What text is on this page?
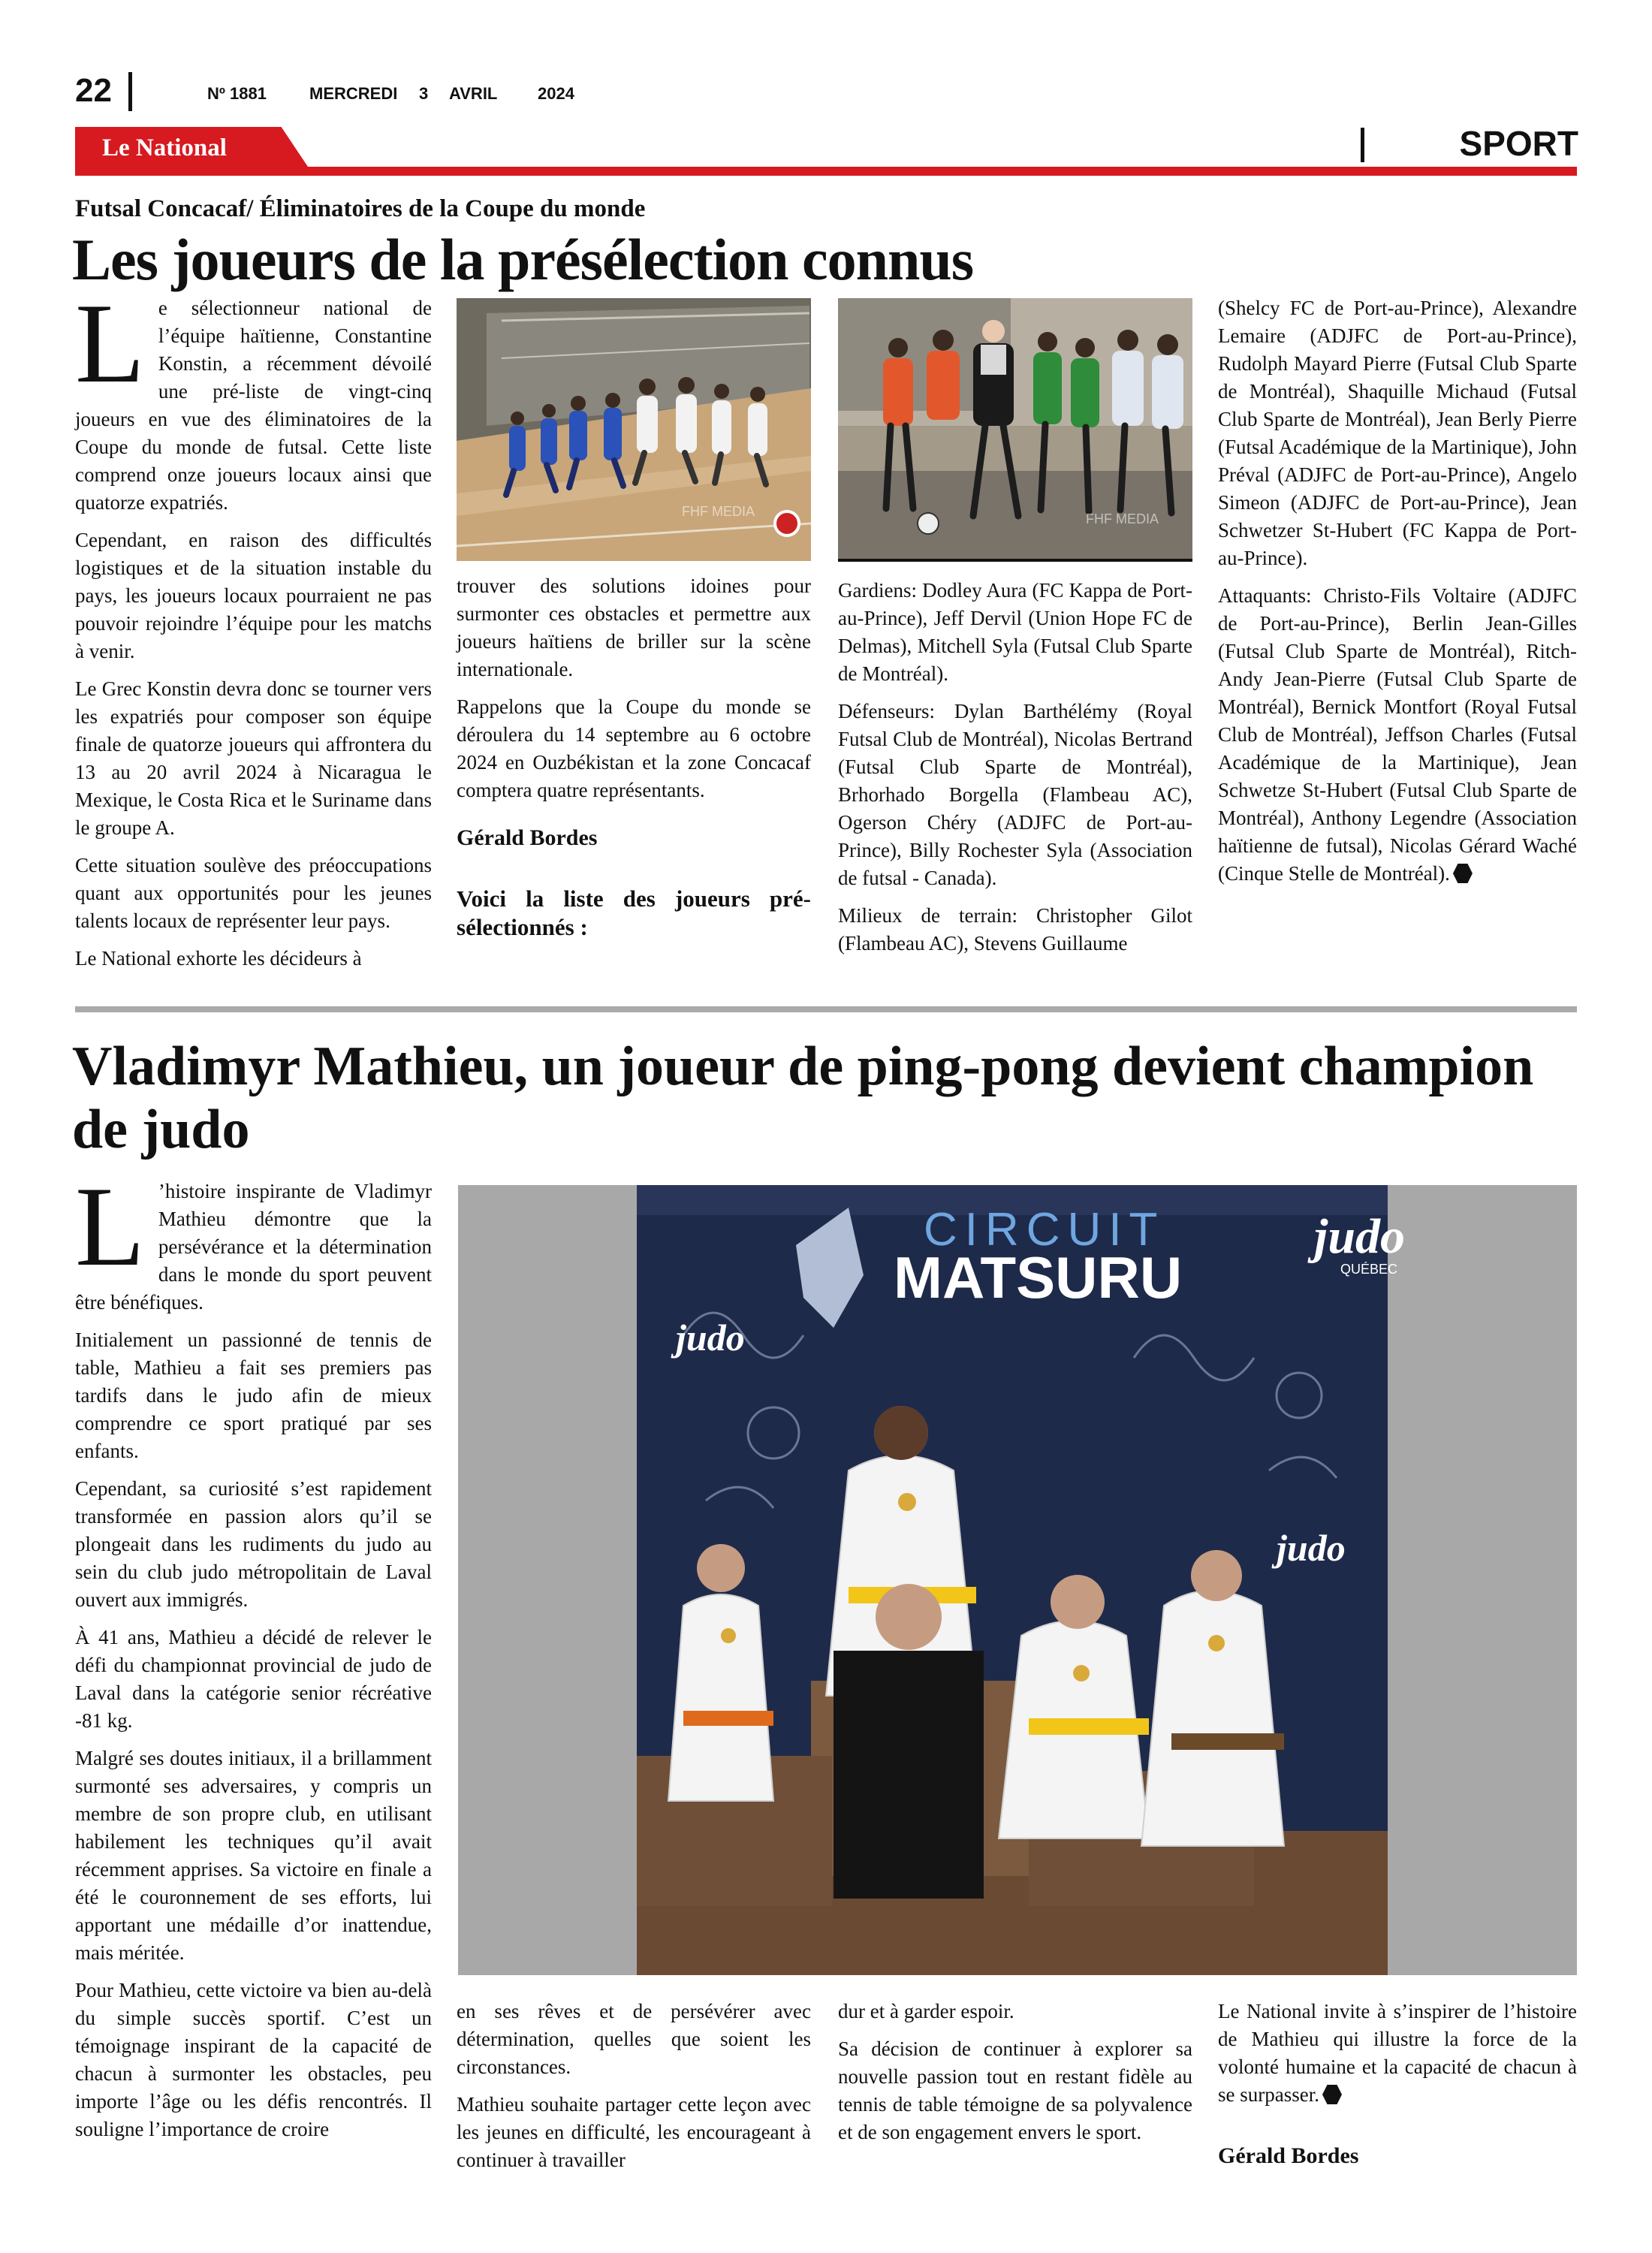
22	Nº 1881	MERCREDI 3 AVRIL 2024
Le National	SPORT
Futsal Concacaf/ Éliminatoires de la Coupe du monde
Les joueurs de la présélection connus

Le sélectionneur national de l’équipe haïtienne, Constantine Konstin, a récemment dévoilé une pré-liste de vingt-cinq joueurs en vue des éliminatoires de la Coupe du monde de futsal. Cette liste comprend onze joueurs locaux ainsi que quatorze expatriés.

Cependant, en raison des difficultés logistiques et de la situation instable du pays, les joueurs locaux pourraient ne pas pouvoir rejoindre l’équipe pour les matchs à venir.

Le Grec Konstin devra donc se tourner vers les expatriés pour composer son équipe finale de quatorze joueurs qui affrontera du 13 au 20 avril 2024 à Nicaragua le Mexique, le Costa Rica et le Suriname dans le groupe A.

Cette situation soulève des préoccupations quant aux opportunités pour les jeunes talents locaux de représenter leur pays.

Le National exhorte les décideurs à

FHF MEDIA

trouver des solutions idoines pour surmonter ces obstacles et permettre aux joueurs haïtiens de briller sur la scène internationale.

Rappelons que la Coupe du monde se déroulera du 14 septembre au 6 octobre 2024 en Ouzbékistan et la zone Concacaf comptera quatre représentants.

Gérald Bordes

Voici la liste des joueurs pré-sélectionnés :

FHF MEDIA

Gardiens: Dodley Aura (FC Kappa de Port-au-Prince), Jeff Dervil (Union Hope FC de Delmas), Mitchell Syla (Futsal Club Sparte de Montréal).

Défenseurs: Dylan Barthélémy (Royal Futsal Club de Montréal), Nicolas Bertrand (Futsal Club Sparte de Montréal), Brhorhado Borgella (Flambeau AC), Ogerson Chéry (ADJFC de Port-au-Prince), Billy Rochester Syla (Association de futsal - Canada).

Milieux de terrain: Christopher Gilot (Flambeau AC), Stevens Guillaume

(Shelcy FC de Port-au-Prince), Alexandre Lemaire (ADJFC de Port-au-Prince), Rudolph Mayard Pierre (Futsal Club Sparte de Montréal), Shaquille Michaud (Futsal Club Sparte de Montréal), Jean Berly Pierre (Futsal Académique de la Martinique), John Préval (ADJFC de Port-au-Prince), Angelo Simeon (ADJFC de Port-au-Prince), Jean Schwetzer St-Hubert (FC Kappa de Port-au-Prince).

Attaquants: Christo-Fils Voltaire (ADJFC de Port-au-Prince), Berlin Jean-Gilles (Futsal Club Sparte de Montréal), Ritch-Andy Jean-Pierre (Futsal Club Sparte de Montréal), Bernick Montfort (Royal Futsal Club de Montréal), Jeffson Charles (Futsal Académique de la Martinique), Jean Schwetze St-Hubert (Futsal Club Sparte de Montréal), Anthony Legendre (Association haïtienne de futsal), Nicolas Gérard Waché (Cinque Stelle de Montréal).

Vladimyr Mathieu, un joueur de ping-pong devient champion de judo

L ’histoire inspirante de Vladimyr Mathieu démontre que la persévérance et la détermination dans le monde du sport peuvent être bénéfiques.

Initialement un passionné de tennis de table, Mathieu a fait ses premiers pas tardifs dans le judo afin de mieux comprendre ce sport pratiqué par ses enfants.

Cependant, sa curiosité s’est rapidement transformée en passion alors qu’il se plongeait dans les rudiments du judo au sein du club judo métropolitain de Laval ouvert aux immigrés.

À 41 ans, Mathieu a décidé de relever le défi du championnat provincial de judo de Laval dans la catégorie senior récréative -81 kg.

Malgré ses doutes initiaux, il a brillamment surmonté ses adversaires, y compris un membre de son propre club, en utilisant habilement les techniques qu’il avait récemment apprises. Sa victoire en finale a été le couronnement de ses efforts, lui apportant une médaille d’or inattendue, mais méritée.

Pour Mathieu, cette victoire va bien au-delà du simple succès sportif. C’est un témoignage inspirant de la capacité de chacun à surmonter les obstacles, peu importe l’âge ou les défis rencontrés. Il souligne l’importance de croire

CIRCUIT
MATSURU
judo
QUÉBEC
judo
judo

en ses rêves et de persévérer avec détermination, quelles que soient les circonstances.

Mathieu souhaite partager cette leçon avec les jeunes en difficulté, les encourageant à continuer à travailler

dur et à garder espoir.

Sa décision de continuer à explorer sa nouvelle passion tout en restant fidèle au tennis de table témoigne de sa polyvalence et de son engagement envers le sport.

Le National invite à s’inspirer de l’histoire de Mathieu qui illustre la force de la volonté humaine et la capacité de chacun à se surpasser.

Gérald Bordes
